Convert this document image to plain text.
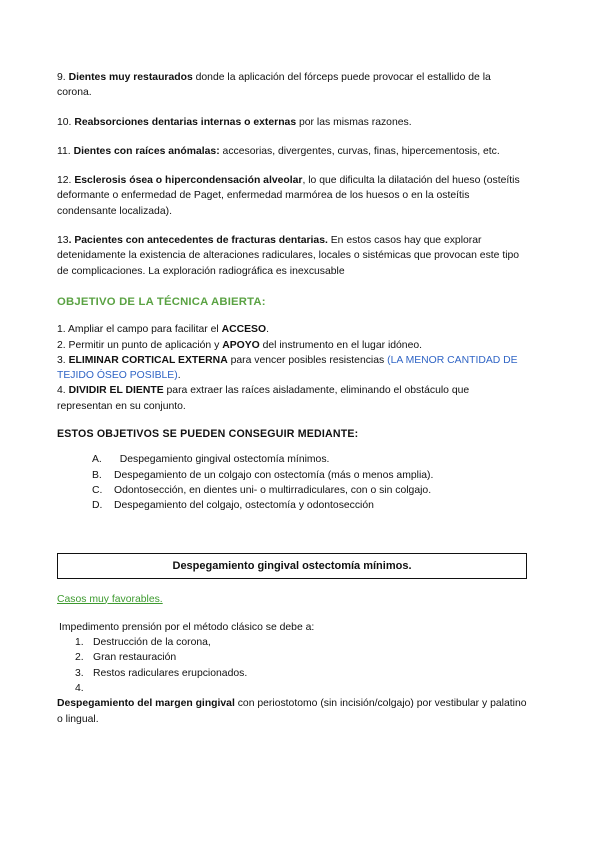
9. Dientes muy restaurados donde la aplicación del fórceps puede provocar el estallido de la corona.

10. Reabsorciones dentarias internas o externas por las mismas razones.

11. Dientes con raíces anómalas: accesorias, divergentes, curvas, finas, hipercementosis, etc.

12. Esclerosis ósea o hipercondensación alveolar, lo que dificulta la dilatación del hueso (osteítis deformante o enfermedad de Paget, enfermedad marmórea de los huesos o en la osteítis condensante localizada).

13. Pacientes con antecedentes de fracturas dentarias. En estos casos hay que explorar detenidamente la existencia de alteraciones radiculares, locales o sistémicas que provocan este tipo de complicaciones. La exploración radiográfica es inexcusable

OBJETIVO DE LA TÉCNICA ABIERTA:

1. Ampliar el campo para facilitar el ACCESO.

2. Permitir un punto de aplicación y APOYO del instrumento en el lugar idóneo.

3. ELIMINAR CORTICAL EXTERNA para vencer posibles resistencias (LA MENOR CANTIDAD DE TEJIDO ÓSEO POSIBLE).

4. DIVIDIR EL DIENTE para extraer las raíces aisladamente, eliminando el obstáculo que representan en su conjunto.

ESTOS OBJETIVOS SE PUEDEN CONSEGUIR MEDIANTE:

A.	Despegamiento gingival ostectomía mínimos.
B.	Despegamiento de un colgajo con ostectomía (más o menos amplia).
C.	Odontosección, en dientes uni- o multirradiculares, con o sin colgajo.
D.	Despegamiento del colgajo, ostectomía y odontosección
Despegamiento gingival ostectomía mínimos.

Casos muy favorables.

Impedimento prensión por el método clásico se debe a:

1. Destrucción de la corona,
2. Gran restauración
3. Restos radiculares erupcionados.
4.

Despegamiento del margen gingival con periostotomo (sin incisión/colgajo) por vestibular y palatino o lingual.
